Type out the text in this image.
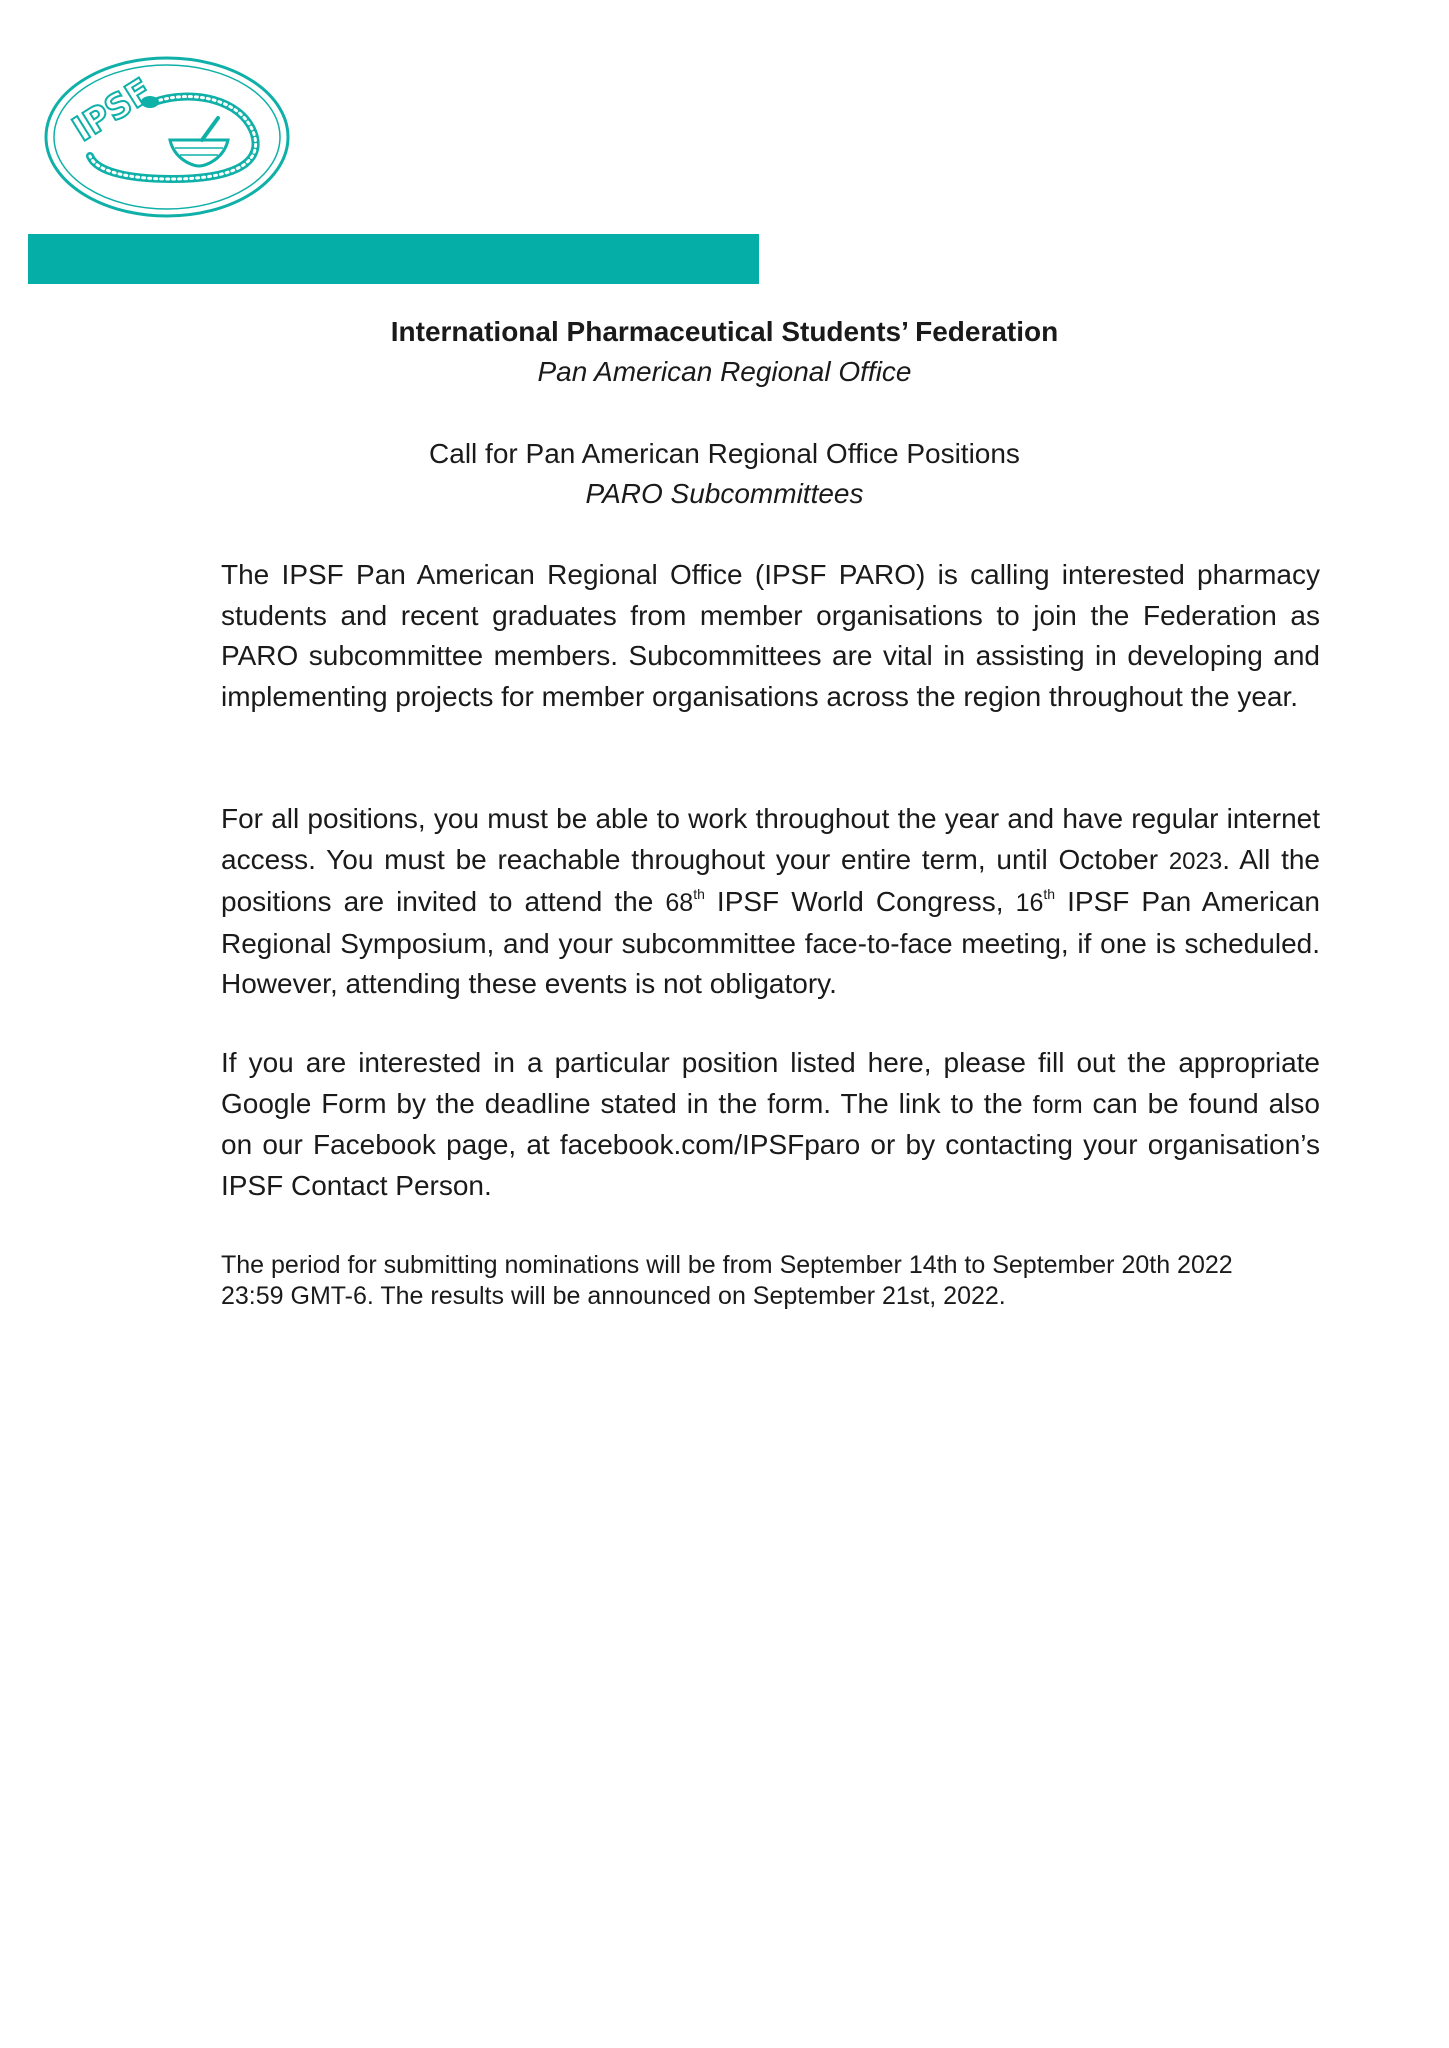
IPSF
International Pharmaceutical Students’ Federation
Pan American Regional Office
Call for Pan American Regional Office Positions
PARO Subcommittees

The IPSF Pan American Regional Office (IPSF PARO) is calling interested pharmacy students and recent graduates from member organisations to join the Federation as PARO subcommittee members. Subcommittees are vital in assisting in developing and implementing projects for member organisations across the region throughout the year.

For all positions, you must be able to work throughout the year and have regular internet access. You must be reachable throughout your entire term, until October 2023. All the positions are invited to attend the 68th IPSF World Congress, 16th IPSF Pan American Regional Symposium, and your subcommittee face-to-face meeting, if one is scheduled. However, attending these events is not obligatory.

If you are interested in a particular position listed here, please fill out the appropriate Google Form by the deadline stated in the form. The link to the form can be found also on our Facebook page, at facebook.com/IPSFparo or by contacting your organisation’s IPSF Contact Person.

The period for submitting nominations will be from September 14th to September 20th 2022
23:59 GMT-6. The results will be announced on September 21st, 2022.
